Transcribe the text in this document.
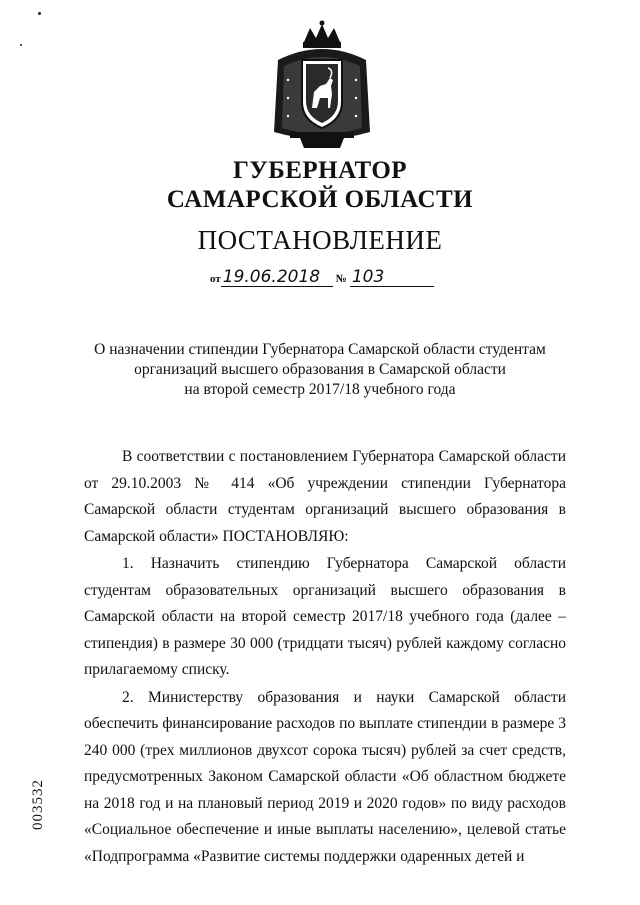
ГУБЕРНАТОР
САМАРСКОЙ ОБЛАСТИ
ПОСТАНОВЛЕНИЕ
от 19.06.2018 № 103
О назначении стипендии Губернатора Самарской области студентам
организаций высшего образования в Самарской области
на второй семестр 2017/18 учебного года

В соответствии с постановлением Губернатора Самарской области от 29.10.2003 № 414 «Об учреждении стипендии Губернатора Самарской области студентам организаций высшего образования в Самарской области» ПОСТАНОВЛЯЮ:

1. Назначить стипендию Губернатора Самарской области студентам образовательных организаций высшего образования в Самарской области на второй семестр 2017/18 учебного года (далее – стипендия) в размере 30 000 (тридцати тысяч) рублей каждому согласно прилагаемому списку.

2. Министерству образования и науки Самарской области обеспечить финансирование расходов по выплате стипендии в размере 3 240 000 (трех миллионов двухсот сорока тысяч) рублей за счет средств, предусмотренных Законом Самарской области «Об областном бюджете на 2018 год и на плановый период 2019 и 2020 годов» по виду расходов «Социальное обеспечение и иные выплаты населению», целевой статье «Подпрограмма «Развитие системы поддержки одаренных детей и

003532
